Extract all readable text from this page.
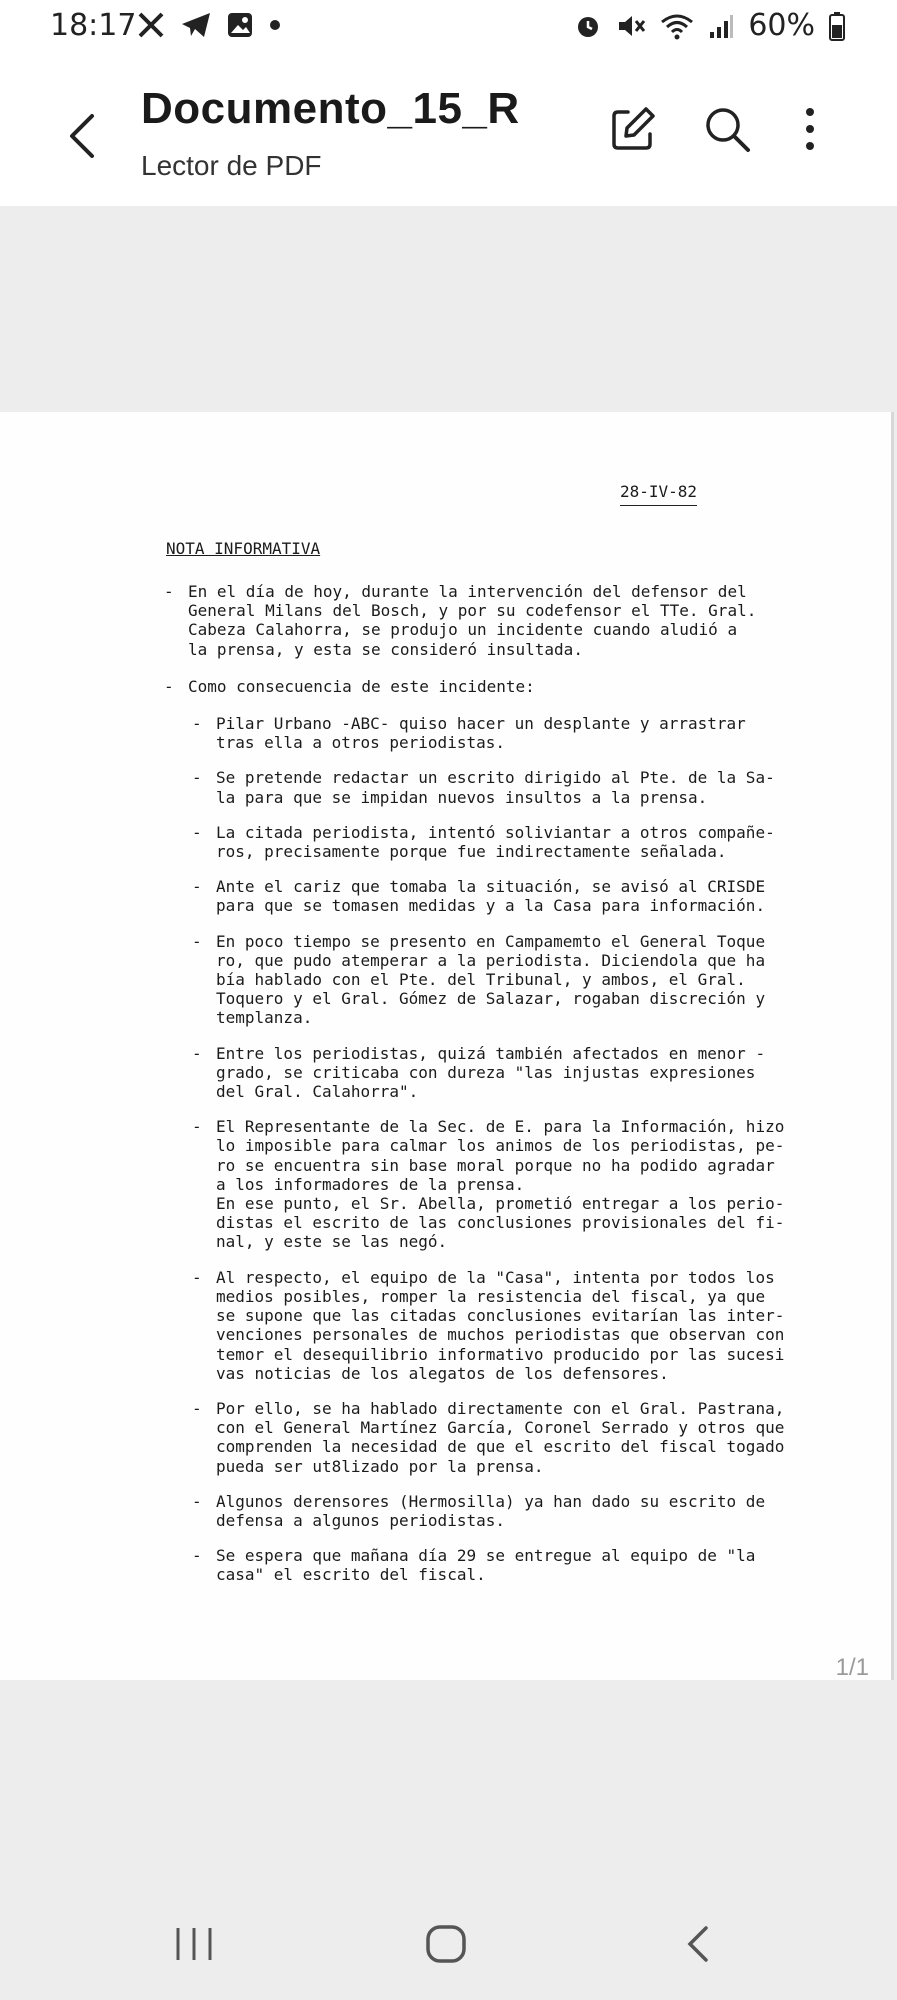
18:17	60%
Documento_15_R
Lector de PDF
28-IV-82
NOTA INFORMATIVA
- En el día de hoy, durante la intervención del defensor del
General Milans del Bosch, y por su codefensor el TTe. Gral.
Cabeza Calahorra, se produjo un incidente cuando aludió a
la prensa, y esta se consideró insultada.
- Como consecuencia de este incidente:
- Pilar Urbano -ABC- quiso hacer un desplante y arrastrar
tras ella a otros periodistas.
- Se pretende redactar un escrito dirigido al Pte. de la Sa-
la para que se impidan nuevos insultos a la prensa.
- La citada periodista, intentó soliviantar a otros compañe-
ros, precisamente porque fue indirectamente señalada.
- Ante el cariz que tomaba la situación, se avisó al CRISDE
para que se tomasen medidas y a la Casa para información.
- En poco tiempo se presento en Campamemto el General Toque
ro, que pudo atemperar a la periodista. Diciendola que ha
bía hablado con el Pte. del Tribunal, y ambos, el Gral.
Toquero y el Gral. Gómez de Salazar, rogaban discreción y
templanza.
- Entre los periodistas, quizá también afectados en menor -
grado, se criticaba con dureza "las injustas expresiones
del Gral. Calahorra".
- El Representante de la Sec. de E. para la Información, hizo
lo imposible para calmar los animos de los periodistas, pe-
ro se encuentra sin base moral porque no ha podido agradar
a los informadores de la prensa.
En ese punto, el Sr. Abella, prometió entregar a los perio-
distas el escrito de las conclusiones provisionales del fi-
nal, y este se las negó.
- Al respecto, el equipo de la "Casa", intenta por todos los
medios posibles, romper la resistencia del fiscal, ya que
se supone que las citadas conclusiones evitarían las inter-
venciones personales de muchos periodistas que observan con
temor el desequilibrio informativo producido por las sucesi
vas noticias de los alegatos de los defensores.
- Por ello, se ha hablado directamente con el Gral. Pastrana,
con el General Martínez García, Coronel Serrado y otros que
comprenden la necesidad de que el escrito del fiscal togado
pueda ser ut8lizado por la prensa.
- Algunos derensores (Hermosilla) ya han dado su escrito de
defensa a algunos periodistas.
- Se espera que mañana día 29 se entregue al equipo de "la
casa" el escrito del fiscal.
1/1
